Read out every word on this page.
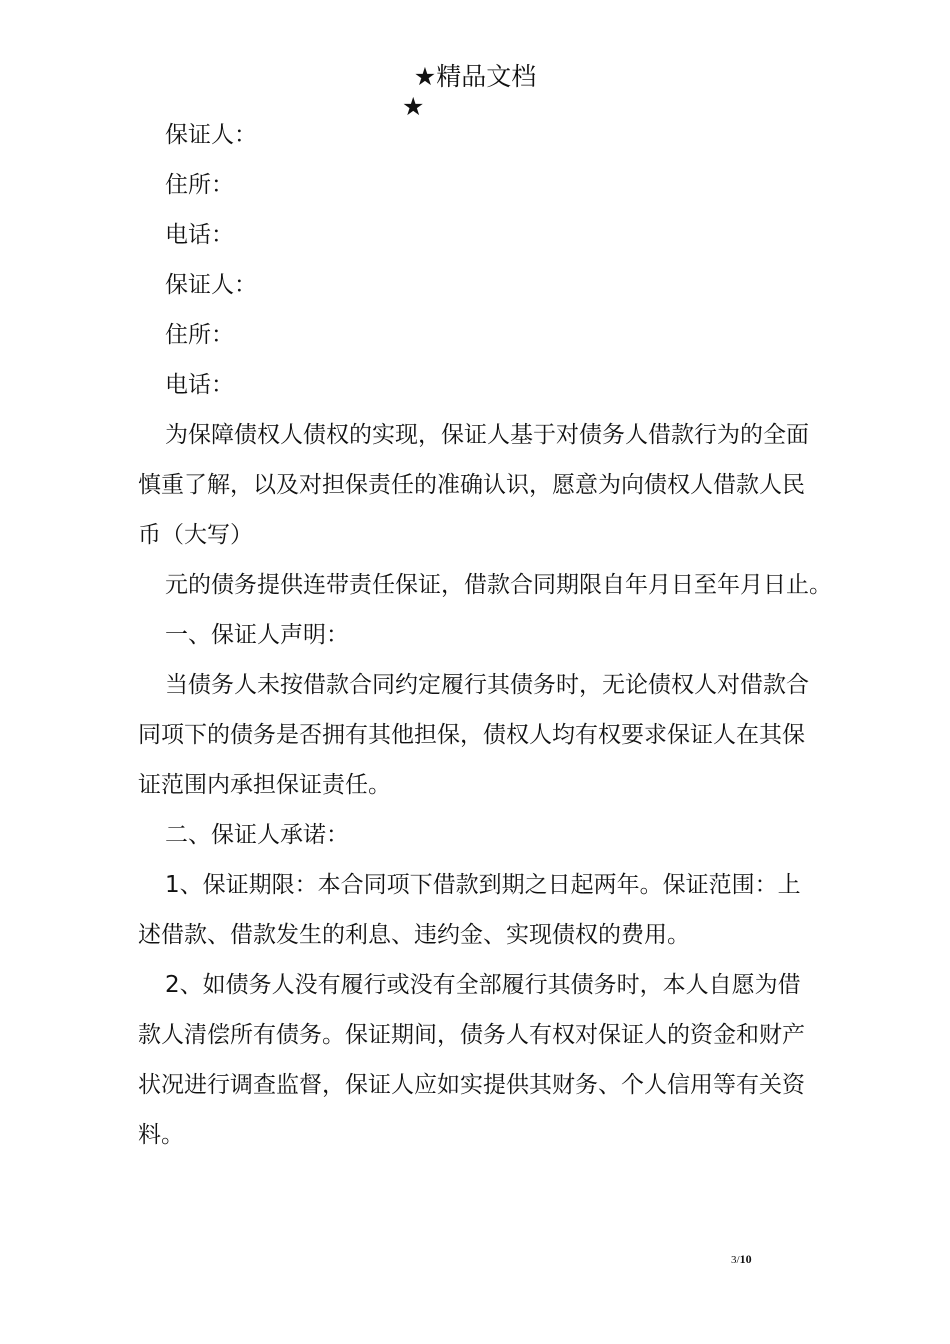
★精品文档
★
保证人：
住所：
电话：
保证人：
住所：
电话：
为保障债权人债权的实现，保证人基于对债务人借款行为的全面
慎重了解，以及对担保责任的准确认识，愿意为向债权人借款人民
币（大写）
元的债务提供连带责任保证，借款合同期限自年月日至年月日止。
一、保证人声明：
当债务人未按借款合同约定履行其债务时，无论债权人对借款合
同项下的债务是否拥有其他担保，债权人均有权要求保证人在其保
证范围内承担保证责任。
二、保证人承诺：
1、保证期限：本合同项下借款到期之日起两年。保证范围：上
述借款、借款发生的利息、违约金、实现债权的费用。
2、如债务人没有履行或没有全部履行其债务时，本人自愿为借
款人清偿所有债务。保证期间，债务人有权对保证人的资金和财产
状况进行调查监督，保证人应如实提供其财务、个人信用等有关资
料。
3/10
